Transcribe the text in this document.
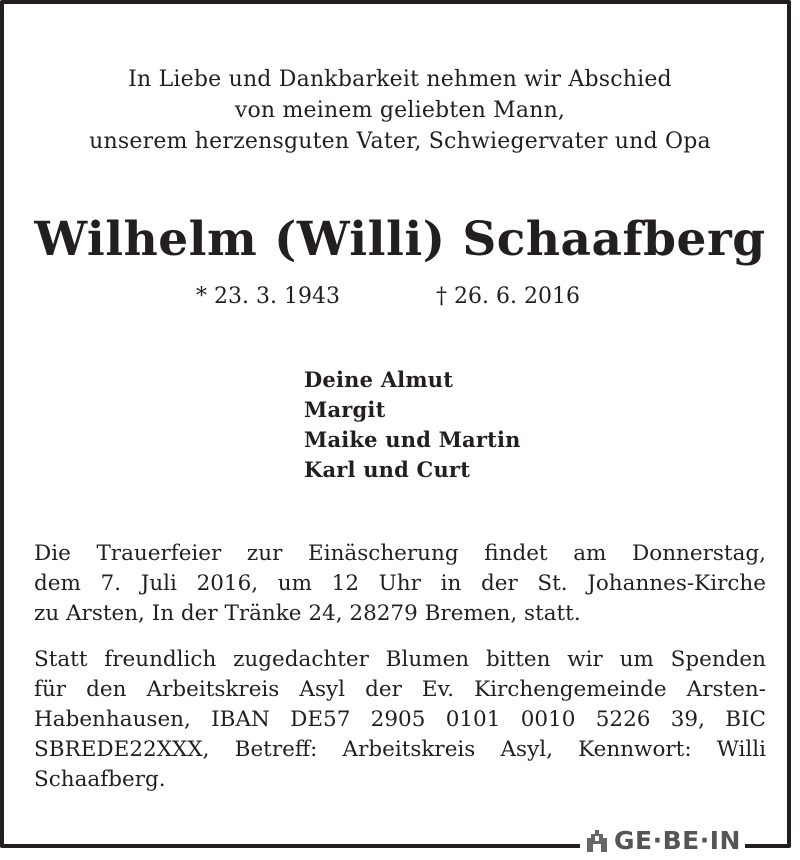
In Liebe und Dankbarkeit nehmen wir Abschied
von meinem geliebten Mann,
unserem herzensguten Vater, Schwiegervater und Opa
Wilhelm (Willi) Schaafberg
* 23. 3. 1943	† 26. 6. 2016
Deine Almut
Margit
Maike und Martin
Karl und Curt
Die Trauerfeier zur Einäscherung findet am Donnerstag,
dem 7. Juli 2016, um 12 Uhr in der St. Johannes-Kirche
zu Arsten, In der Tränke 24, 28279 Bremen, statt.
Statt freundlich zugedachter Blumen bitten wir um Spenden
für den Arbeitskreis Asyl der Ev. Kirchengemeinde Arsten-
Habenhausen, IBAN DE57 2905 0101 0010 5226 39, BIC
SBREDE22XXX, Betreff: Arbeitskreis Asyl, Kennwort: Willi
Schaafberg.
GE·BE·IN
